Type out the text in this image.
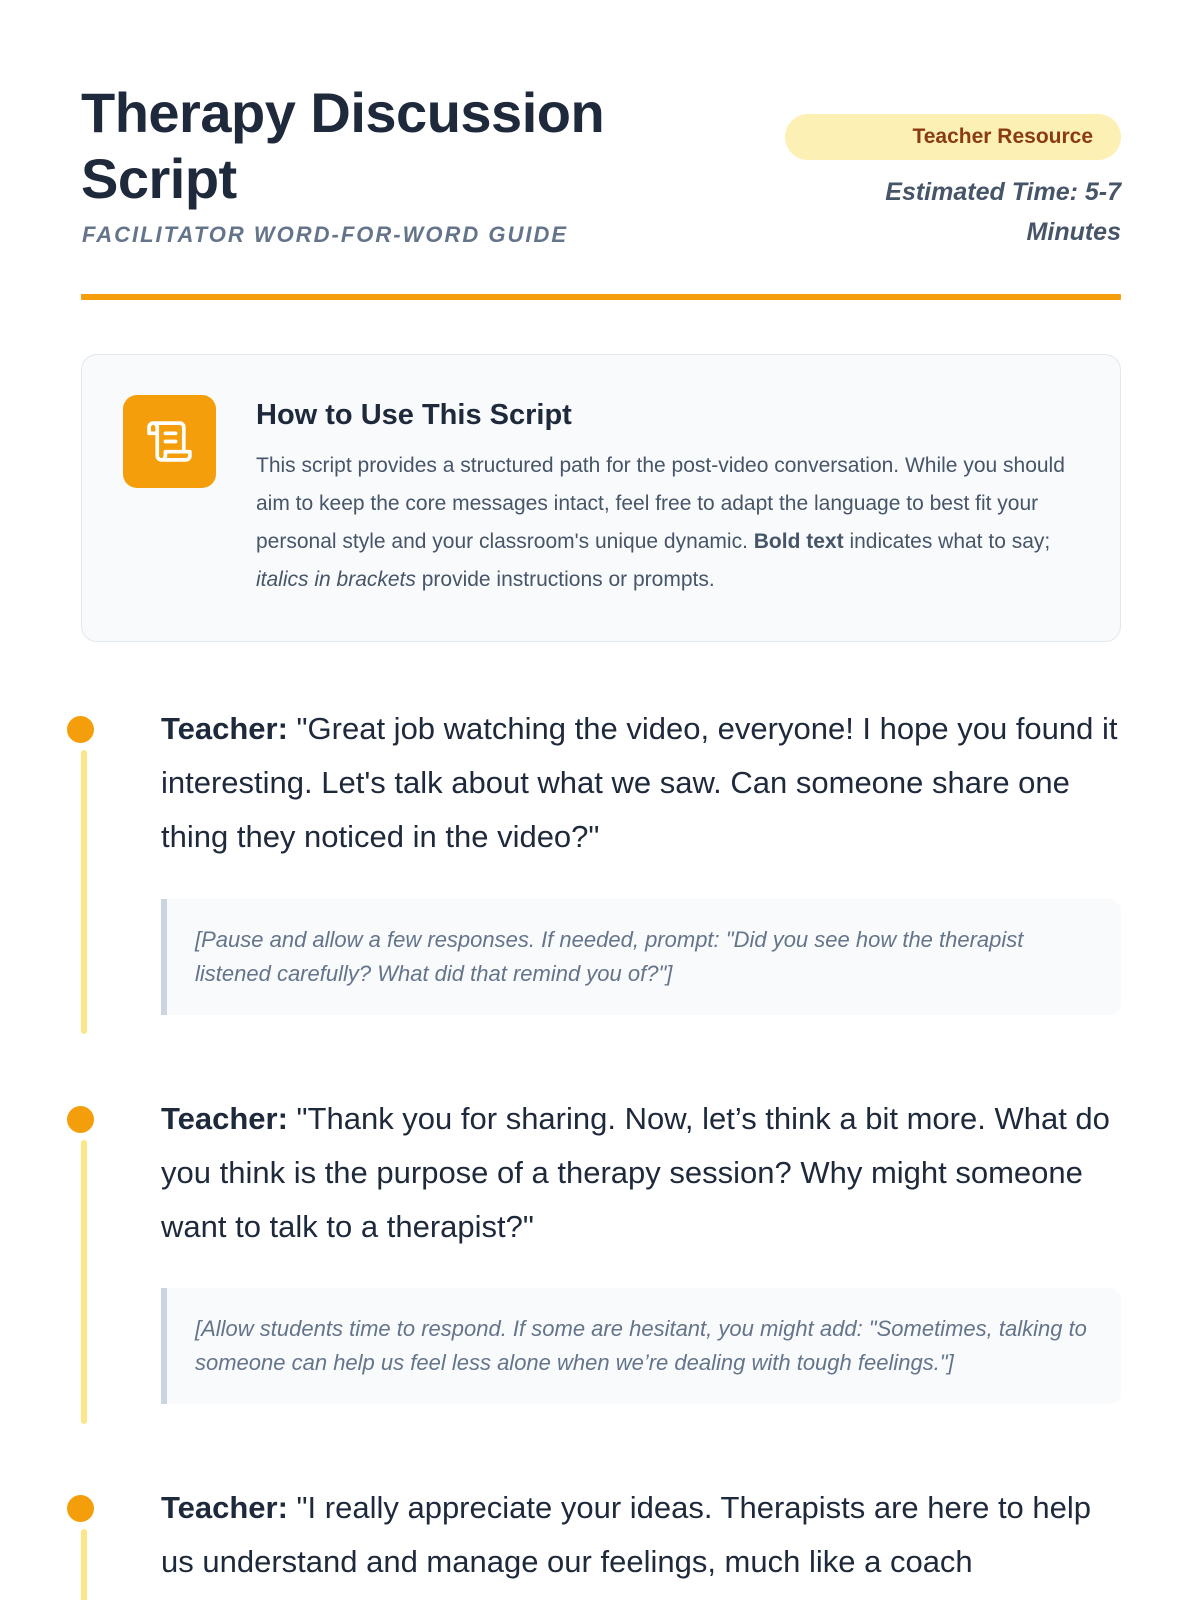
Therapy Discussion Script
FACILITATOR WORD-FOR-WORD GUIDE
Teacher Resource
Estimated Time: 5-7 Minutes
How to Use This Script

This script provides a structured path for the post-video conversation. While you should aim to keep the core messages intact, feel free to adapt the language to best fit your personal style and your classroom's unique dynamic. Bold text indicates what to say; italics in brackets provide instructions or prompts.

Teacher: "Great job watching the video, everyone! I hope you found it interesting. Let's talk about what we saw. Can someone share one thing they noticed in the video?"

[Pause and allow a few responses. If needed, prompt: "Did you see how the therapist listened carefully? What did that remind you of?"]

Teacher: "Thank you for sharing. Now, let’s think a bit more. What do you think is the purpose of a therapy session? Why might someone want to talk to a therapist?"

[Allow students time to respond. If some are hesitant, you might add: "Sometimes, talking to someone can help us feel less alone when we’re dealing with tough feelings."]

Teacher: "I really appreciate your ideas. Therapists are here to help us understand and manage our feelings, much like a coach
